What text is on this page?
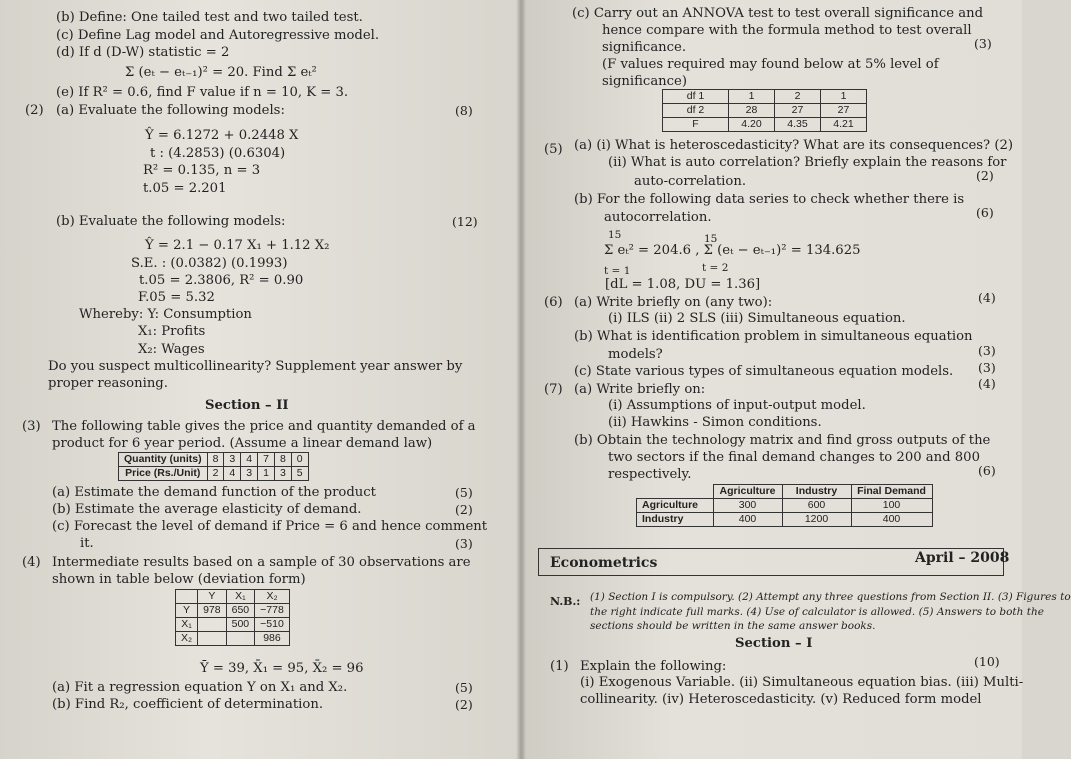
(b) Define: One tailed test and two tailed test.
(c) Define Lag model and Autoregressive model.
(d) If d (D-W) statistic = 2
Σ (eₜ − eₜ₋₁)² = 20. Find Σ eₜ²
(e) If R² = 0.6, find F value if n = 10, K = 3.
(2) (a) Evaluate the following models:	(8)
Ŷ = 6.1272 + 0.2448 X
t : (4.2853) (0.6304)
R² = 0.135, n = 3
t.05 = 2.201
(b) Evaluate the following models:	(12)
Ŷ = 2.1 − 0.17 X₁ + 1.12 X₂
S.E. : (0.0382) (0.1993)
t.05 = 2.3806, R² = 0.90
F.05 = 5.32
Whereby: Y: Consumption
X₁: Profits
X₂: Wages
Do you suspect multicollinearity? Supplement year answer by
proper reasoning.
Section – II
(3) The following table gives the price and quantity demanded of a
product for 6 year period. (Assume a linear demand law)
Quantity (units)	8	3	4	7	8	0
Price (Rs./Unit)	2	4	3	1	3	5
(a) Estimate the demand function of the product	(5)
(b) Estimate the average elasticity of demand.	(2)
(c) Forecast the level of demand if Price = 6 and hence comment
it.	(3)
(4) Intermediate results based on a sample of 30 observations are
shown in table below (deviation form)
	Y	X₁	X₂
Y	978	650	−778
X₁		500	−510
X₂			986
Ȳ = 39, X̄₁ = 95, X̄₂ = 96
(a) Fit a regression equation Y on X₁ and X₂.	(5)
(b) Find R₂, coefficient of determination.	(2)
(c) Carry out an ANNOVA test to test overall significance and
hence compare with the formula method to test overall
significance.	(3)
(F values required may found below at 5% level of
significance)
df 1	1	2	1
df 2	28	27	27
F	4.20	4.35	4.21
(5) (a) (i) What is heteroscedasticity? What are its consequences? (2)
(ii) What is auto correlation? Briefly explain the reasons for
auto-correlation.	(2)
(b) For the following data series to check whether there is
autocorrelation.	(6)
15	15
Σ eₜ² = 204.6 , Σ (eₜ − eₜ₋₁)² = 134.625
t = 1	t = 2
[dL = 1.08, DU = 1.36]
(6) (a) Write briefly on (any two):	(4)
(i) ILS (ii) 2 SLS (iii) Simultaneous equation.
(b) What is identification problem in simultaneous equation
models?	(3)
(c) State various types of simultaneous equation models. (3)
(7) (a) Write briefly on:	(4)
(i) Assumptions of input-output model.
(ii) Hawkins - Simon conditions.
(b) Obtain the technology matrix and find gross outputs of the
two sectors if the final demand changes to 200 and 800
respectively.	(6)
	Agriculture	Industry	Final Demand
Agriculture	300	600	100
Industry	400	1200	400
Econometrics	April – 2008
N.B.: (1) Section I is compulsory. (2) Attempt any three questions from Section II. (3) Figures to
the right indicate full marks. (4) Use of calculator is allowed. (5) Answers to both the
sections should be written in the same answer books.
Section – I
(1) Explain the following:	(10)
(i) Exogenous Variable. (ii) Simultaneous equation bias. (iii) Multi-
collinearity. (iv) Heteroscedasticity. (v) Reduced form model
